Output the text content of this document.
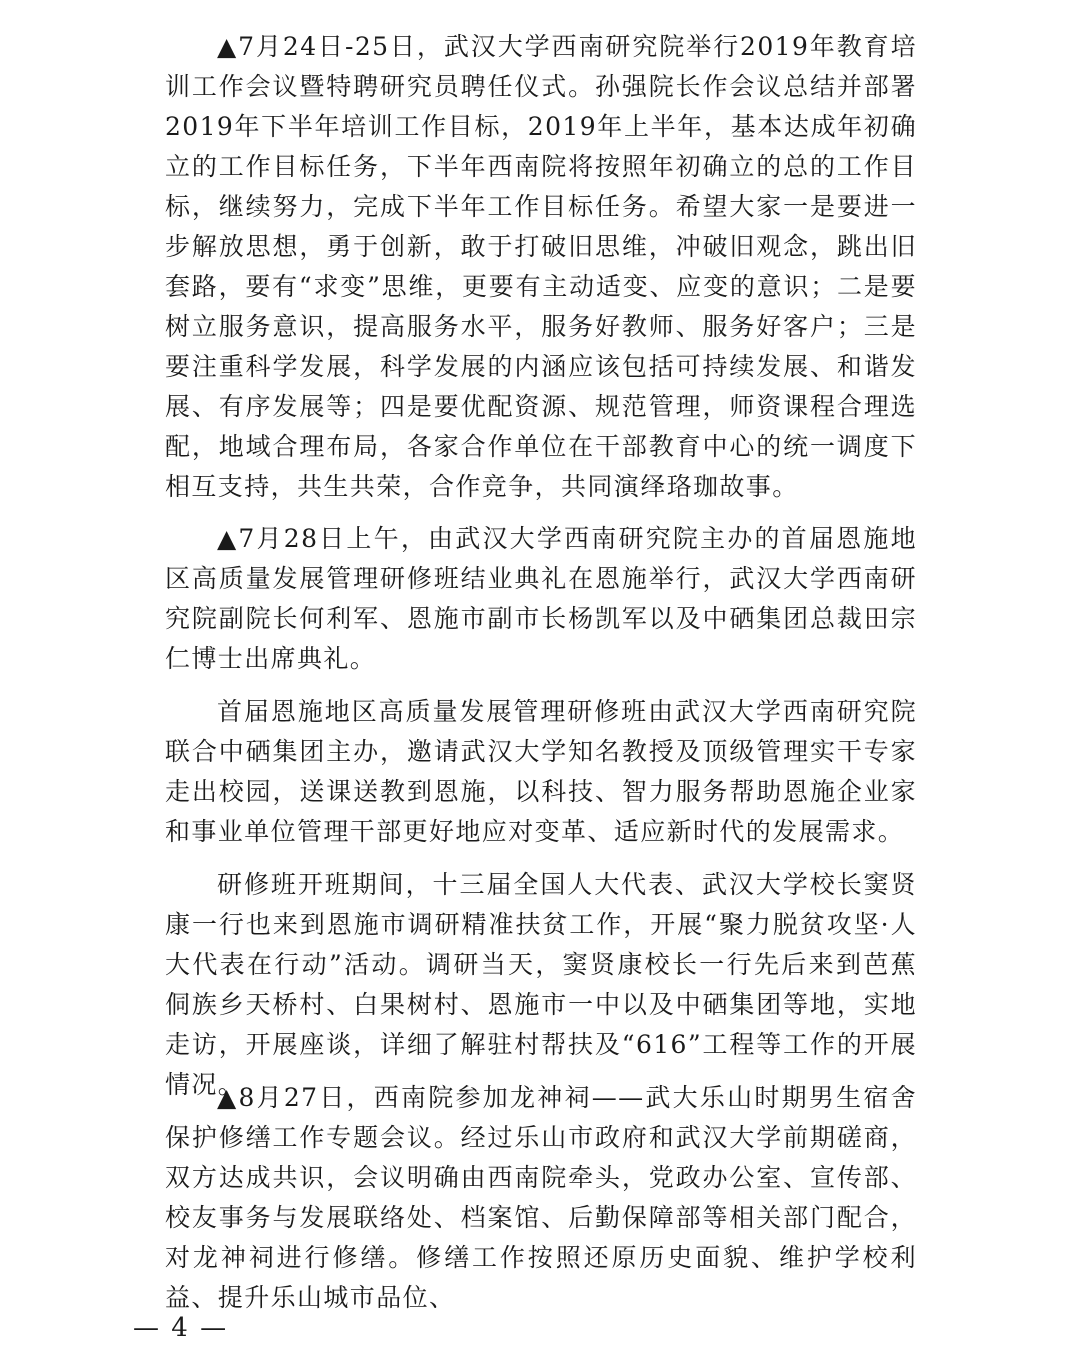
▲7月24日-25日，武汉大学西南研究院举行2019年教育培训工作会议暨特聘研究员聘任仪式。孙强院长作会议总结并部署2019年下半年培训工作目标，2019年上半年，基本达成年初确立的工作目标任务，下半年西南院将按照年初确立的总的工作目标，继续努力，完成下半年工作目标任务。希望大家一是要进一步解放思想，勇于创新，敢于打破旧思维，冲破旧观念，跳出旧套路，要有“求变”思维，更要有主动适变、应变的意识；二是要树立服务意识，提高服务水平，服务好教师、服务好客户；三是要注重科学发展，科学发展的内涵应该包括可持续发展、和谐发展、有序发展等；四是要优配资源、规范管理，师资课程合理选配，地域合理布局，各家合作单位在干部教育中心的统一调度下相互支持，共生共荣，合作竞争，共同演绎珞珈故事。

▲7月28日上午，由武汉大学西南研究院主办的首届恩施地区高质量发展管理研修班结业典礼在恩施举行，武汉大学西南研究院副院长何利军、恩施市副市长杨凯军以及中硒集团总裁田宗仁博士出席典礼。

首届恩施地区高质量发展管理研修班由武汉大学西南研究院联合中硒集团主办，邀请武汉大学知名教授及顶级管理实干专家走出校园，送课送教到恩施，以科技、智力服务帮助恩施企业家和事业单位管理干部更好地应对变革、适应新时代的发展需求。

研修班开班期间，十三届全国人大代表、武汉大学校长窦贤康一行也来到恩施市调研精准扶贫工作，开展“聚力脱贫攻坚·人大代表在行动”活动。调研当天，窦贤康校长一行先后来到芭蕉侗族乡天桥村、白果树村、恩施市一中以及中硒集团等地，实地走访，开展座谈，详细了解驻村帮扶及“616”工程等工作的开展情况。

▲8月27日，西南院参加龙神祠——武大乐山时期男生宿舍保护修缮工作专题会议。经过乐山市政府和武汉大学前期磋商，双方达成共识，会议明确由西南院牵头，党政办公室、宣传部、校友事务与发展联络处、档案馆、后勤保障部等相关部门配合，对龙神祠进行修缮。修缮工作按照还原历史面貌、维护学校利益、提升乐山城市品位、

— 4 —
